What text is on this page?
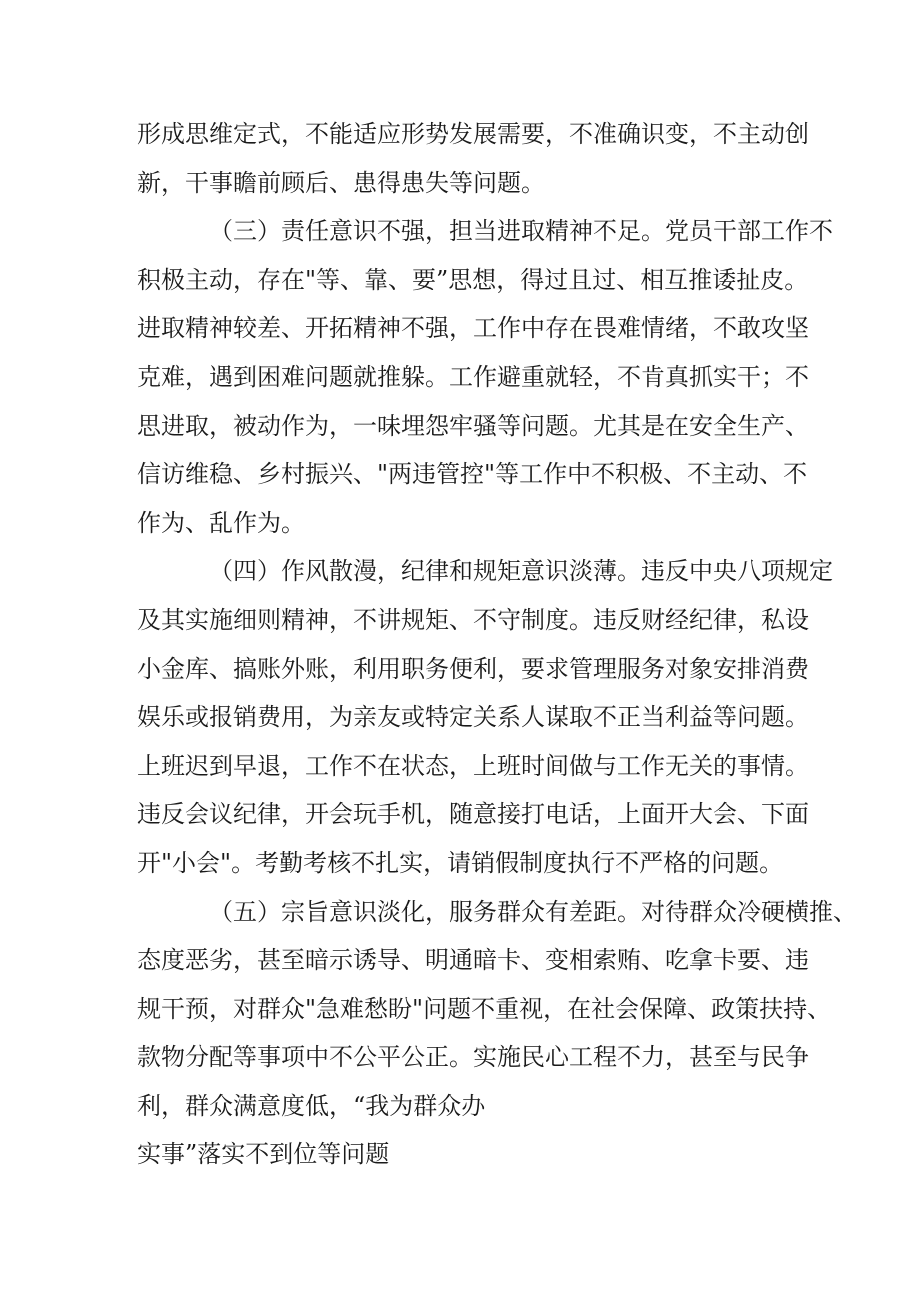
形成思维定式，不能适应形势发展需要，不准确识变，不主动创
新，干事瞻前顾后、患得患失等问题。
（三）责任意识不强，担当进取精神不足。党员干部工作不
积极主动，存在"等、靠、要”思想，得过且过、相互推诿扯皮。
进取精神较差、开拓精神不强，工作中存在畏难情绪，不敢攻坚
克难，遇到困难问题就推躲。工作避重就轻，不肯真抓实干；不
思进取，被动作为，一味埋怨牢骚等问题。尤其是在安全生产、
信访维稳、乡村振兴、"两违管控"等工作中不积极、不主动、不
作为、乱作为。
（四）作风散漫，纪律和规矩意识淡薄。违反中央八项规定
及其实施细则精神，不讲规矩、不守制度。违反财经纪律，私设
小金库、搞账外账，利用职务便利，要求管理服务对象安排消费
娱乐或报销费用，为亲友或特定关系人谋取不正当利益等问题。
上班迟到早退，工作不在状态，上班时间做与工作无关的事情。
违反会议纪律，开会玩手机，随意接打电话，上面开大会、下面
开"小会"。考勤考核不扎实，请销假制度执行不严格的问题。
（五）宗旨意识淡化，服务群众有差距。对待群众冷硬横推、
态度恶劣，甚至暗示诱导、明通暗卡、变相索贿、吃拿卡要、违
规干预，对群众"急难愁盼"问题不重视，在社会保障、政策扶持、
款物分配等事项中不公平公正。实施民心工程不力，甚至与民争
利，群众满意度低，“我为群众办
实事”落实不到位等问题
